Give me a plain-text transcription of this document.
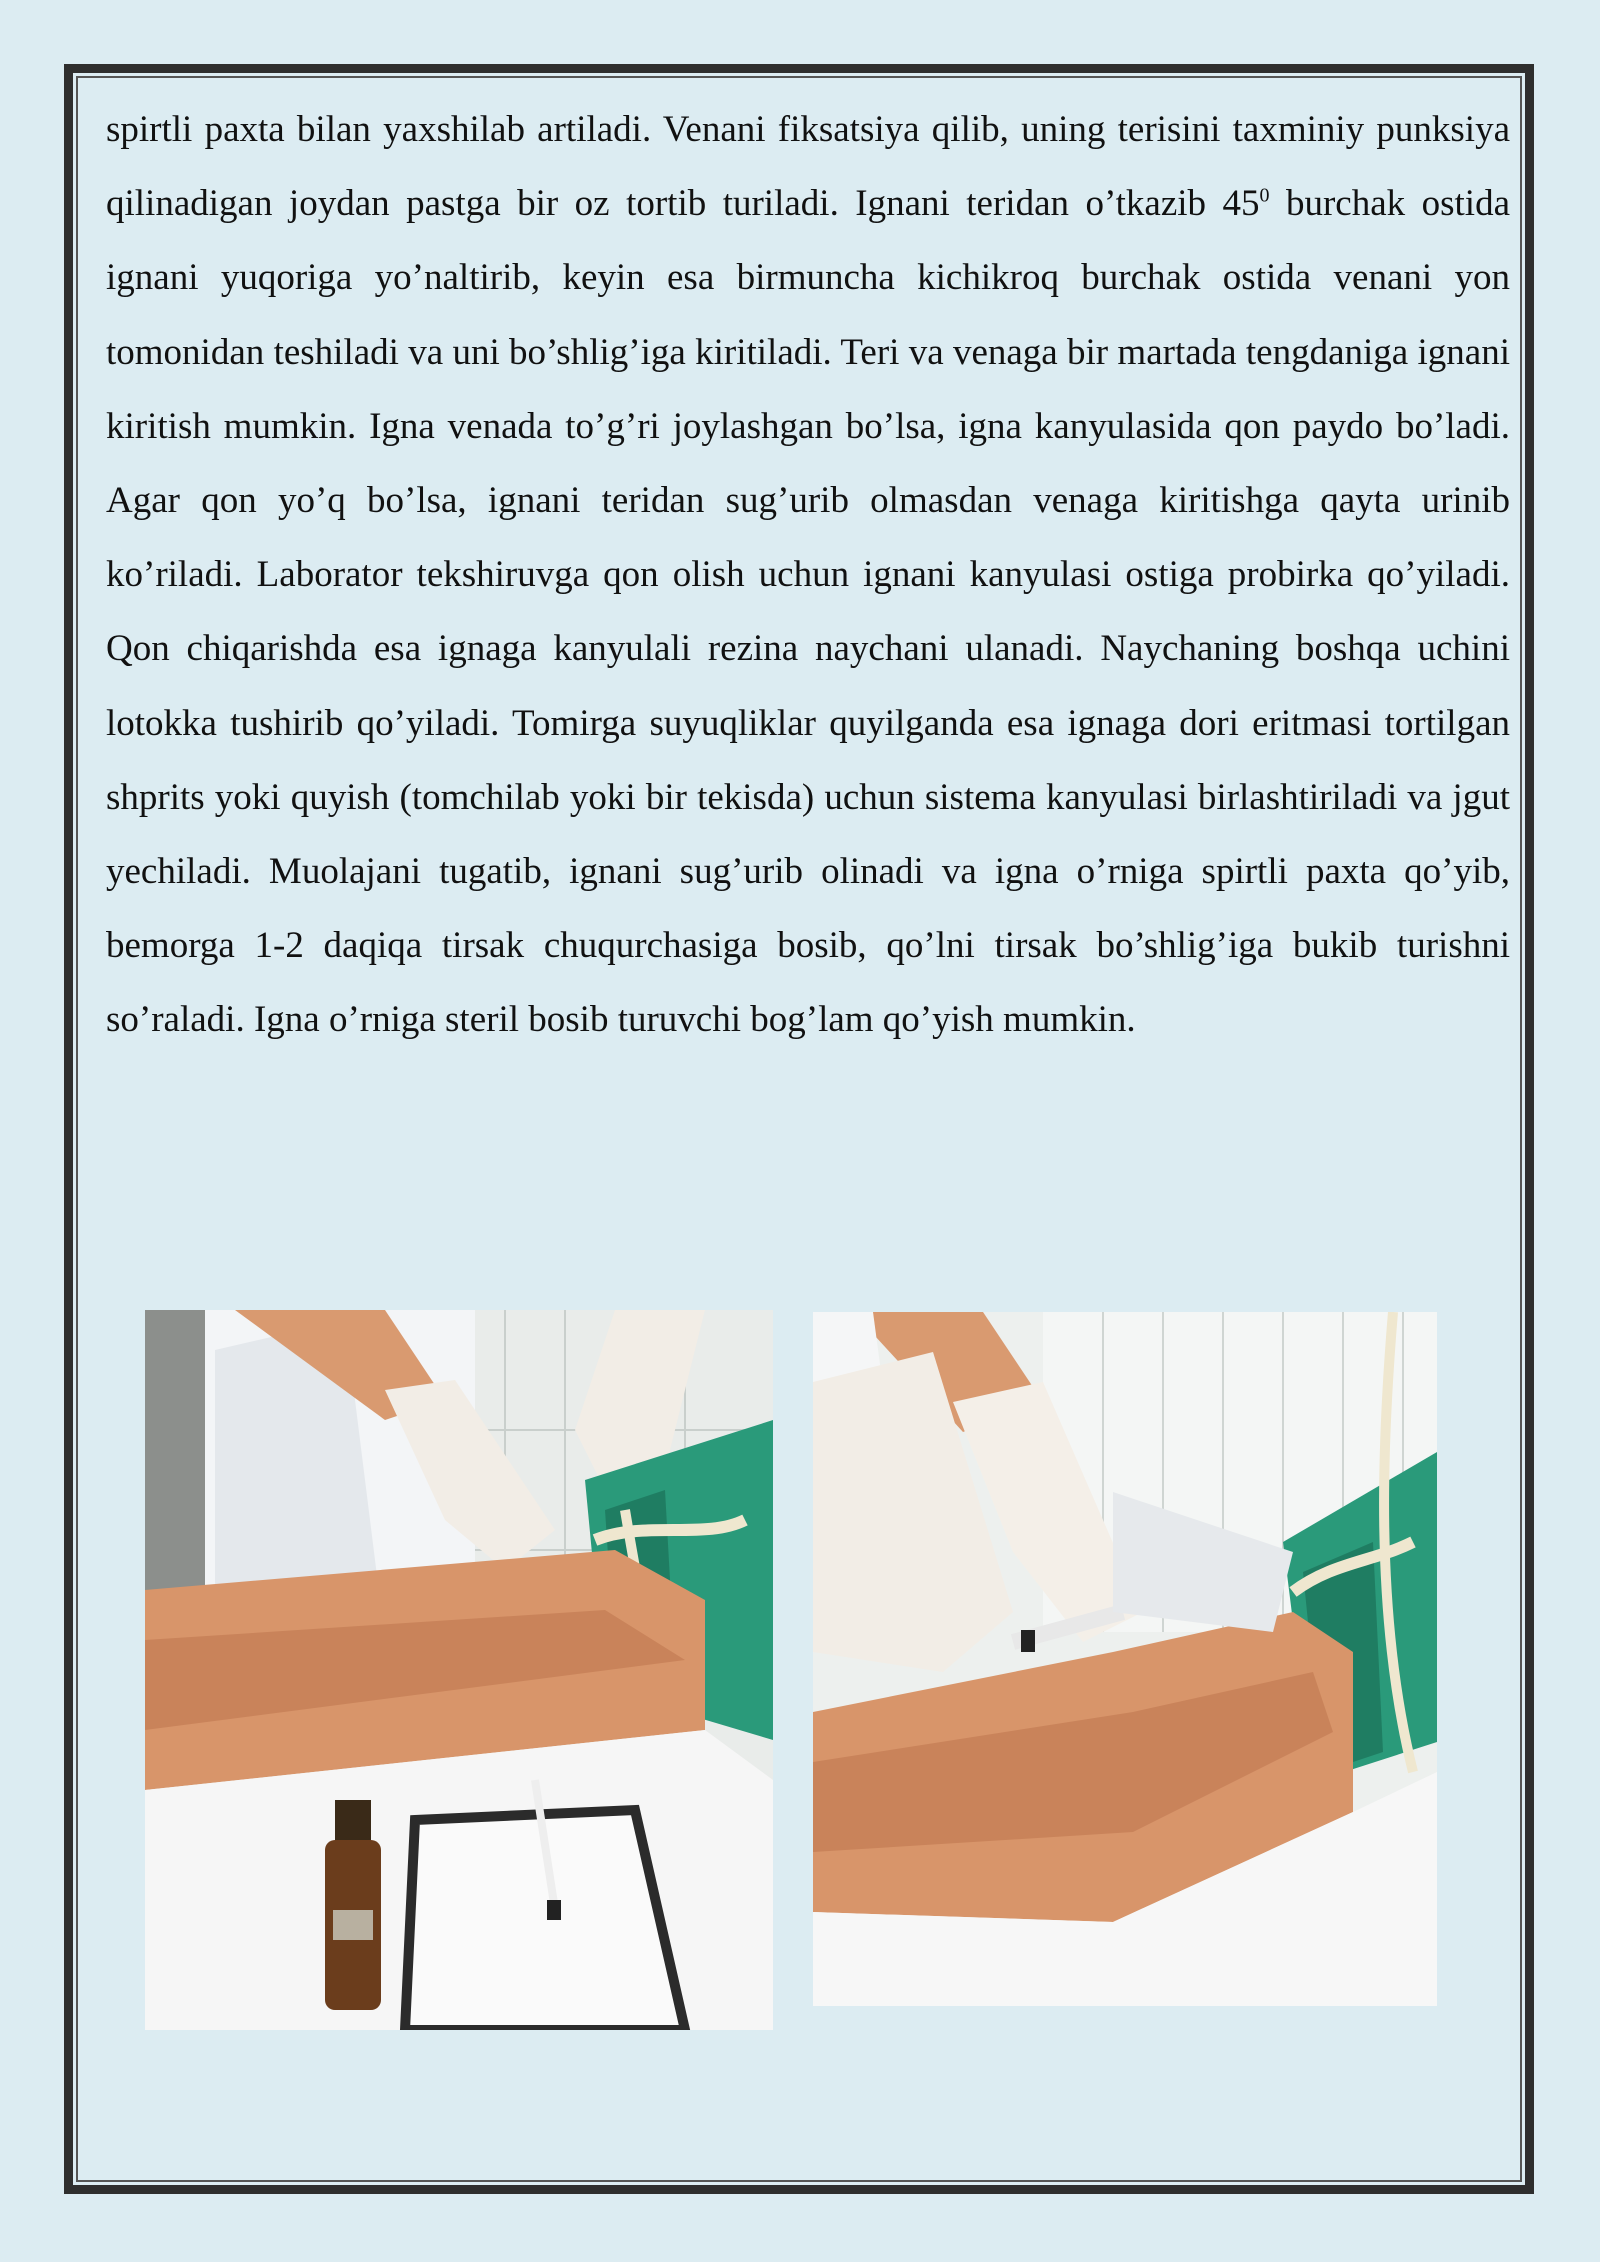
spirtli paxta bilan yaxshilab artiladi. Venani fiksatsiya qilib, uning terisini taxminiy punksiya qilinadigan joydan pastga bir oz tortib turiladi. Ignani teridan o’tkazib $45^0$ burchak ostida ignani yuqoriga yo’naltirib, keyin esa birmuncha kichikroq burchak ostida venani yon tomonidan teshiladi va uni bo’shlig’iga kiritiladi. Teri va venaga bir martada tengdaniga ignani kiritish mumkin. Igna venada to’g’ri joylashgan bo’lsa, igna kanyulasida qon paydo bo’ladi. Agar qon yo’q bo’lsa, ignani teridan sug’urib olmasdan venaga kiritishga qayta urinib ko’riladi. Laborator tekshiruvga qon olish uchun ignani kanyulasi ostiga probirka qo’yiladi. Qon chiqarishda esa ignaga kanyulali rezina naychani ulanadi. Naychaning boshqa uchini lotokka tushirib qo’yiladi. Tomirga suyuqliklar quyilganda esa ignaga dori eritmasi tortilgan shprits yoki quyish (tomchilab yoki bir tekisda) uchun sistema kanyulasi birlashtiriladi va jgut yechiladi. Muolajani tugatib, ignani sug’urib olinadi va igna o’rniga spirtli paxta qo’yib, bemorga 1-2 daqiqa tirsak chuqurchasiga bosib, qo’lni tirsak bo’shlig’iga bukib turishni so’raladi. Igna o’rniga steril bosib turuvchi bog’lam qo’yish mumkin.
